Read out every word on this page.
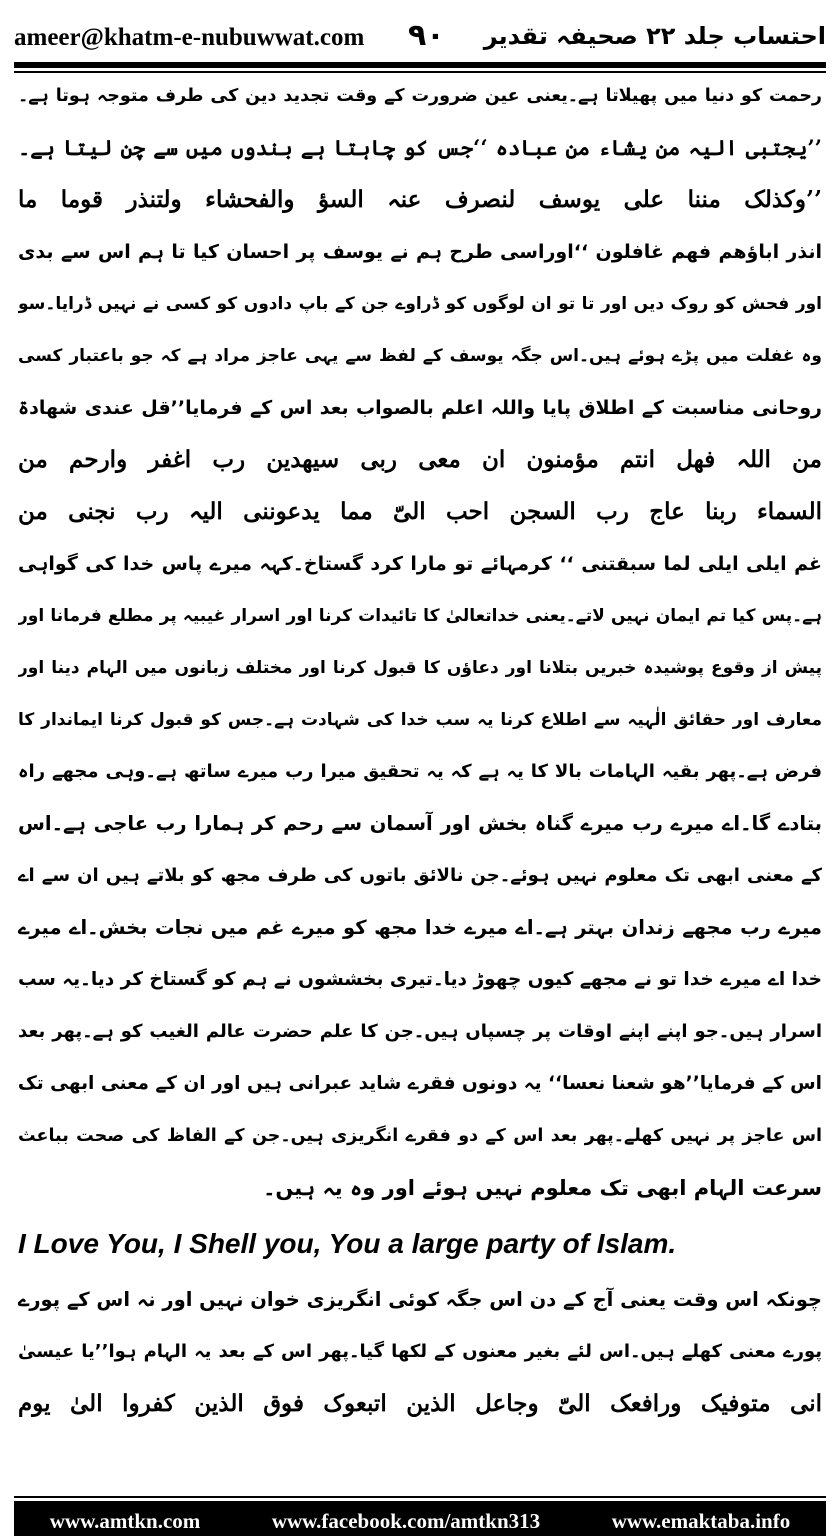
ameer@khatm-e-nubuwwat.com ۹۰ احتساب جلد ۲۲ صحیفہ تقدیر
رحمت کو دنیا میں پھیلاتا ہے۔یعنی عین ضرورت کے وقت تجدید دین کی طرف متوجہ ہوتا ہے۔
’’یجتبی الیہ من یشاء من عبادہ ‘‘جس کو چاہتا ہے بندوں میں سے چن لیتا ہے۔
’’وکذلک مننا علی یوسف لنصرف عنہ السؤ والفحشاء ولتنذر قوما ما
انذر اباؤھم فھم غافلون ‘‘اوراسی طرح ہم نے یوسف پر احسان کیا تا ہم اس سے بدی
اور فحش کو روک دیں اور تا تو ان لوگوں کو ڈراوے جن کے باپ دادوں کو کسی نے نہیں ڈرایا۔سو
وہ غفلت میں پڑے ہوئے ہیں۔اس جگہ یوسف کے لفظ سے یہی عاجز مراد ہے کہ جو باعتبار کسی
روحانی مناسبت کے اطلاق پایا واللہ اعلم بالصواب بعد اس کے فرمایا’’قل عندی شھادۃ
من اللہ فھل انتم مؤمنون ان معی ربی سیھدین رب اغفر وارحم من
السماء ربنا عاج رب السجن احب الیّ مما یدعوننی الیہ رب نجنی من
غم ایلی ایلی لما سبقتنی ‘‘ کرمہائے تو مارا کرد گستاخ۔کہہ میرے پاس خدا کی گواہی
ہے۔پس کیا تم ایمان نہیں لاتے۔یعنی خداتعالیٰ کا تائیدات کرنا اور اسرار غیبیہ پر مطلع فرمانا اور
پیش از وقوع پوشیدہ خبریں بتلانا اور دعاؤں کا قبول کرنا اور مختلف زبانوں میں الہام دینا اور
معارف اور حقائق الٰہیہ سے اطلاع کرنا یہ سب خدا کی شہادت ہے۔جس کو قبول کرنا ایماندار کا
فرض ہے۔پھر بقیہ الہامات بالا کا یہ ہے کہ یہ تحقیق میرا رب میرے ساتھ ہے۔وہی مجھے راہ
بتادے گا۔اے میرے رب میرے گناہ بخش اور آسمان سے رحم کر ہمارا رب عاجی ہے۔اس
کے معنی ابھی تک معلوم نہیں ہوئے۔جن نالائق باتوں کی طرف مجھ کو بلاتے ہیں ان سے اے
میرے رب مجھے زندان بہتر ہے۔اے میرے خدا مجھ کو میرے غم میں نجات بخش۔اے میرے
خدا اے میرے خدا تو نے مجھے کیوں چھوڑ دیا۔تیری بخششوں نے ہم کو گستاخ کر دیا۔یہ سب
اسرار ہیں۔جو اپنے اپنے اوقات پر چسپاں ہیں۔جن کا علم حضرت عالم الغیب کو ہے۔پھر بعد
اس کے فرمایا’’ھو شعنا نعسا‘‘ یہ دونوں فقرے شاید عبرانی ہیں اور ان کے معنی ابھی تک
اس عاجز پر نہیں کھلے۔پھر بعد اس کے دو فقرے انگریزی ہیں۔جن کے الفاظ کی صحت بباعث
سرعت الہام ابھی تک معلوم نہیں ہوئے اور وہ یہ ہیں۔
I Love You, I Shell you, You a large party of Islam.
چونکہ اس وقت یعنی آج کے دن اس جگہ کوئی انگریزی خوان نہیں اور نہ اس کے پورے
پورے معنی کھلے ہیں۔اس لئے بغیر معنوں کے لکھا گیا۔پھر اس کے بعد یہ الہام ہوا’’یا عیسیٰ
انی متوفیک ورافعک الیّ وجاعل الذین اتبعوک فوق الذین کفروا الیٰ یوم
www.amtkn.com	www.facebook.com/amtkn313	www.emaktaba.info
